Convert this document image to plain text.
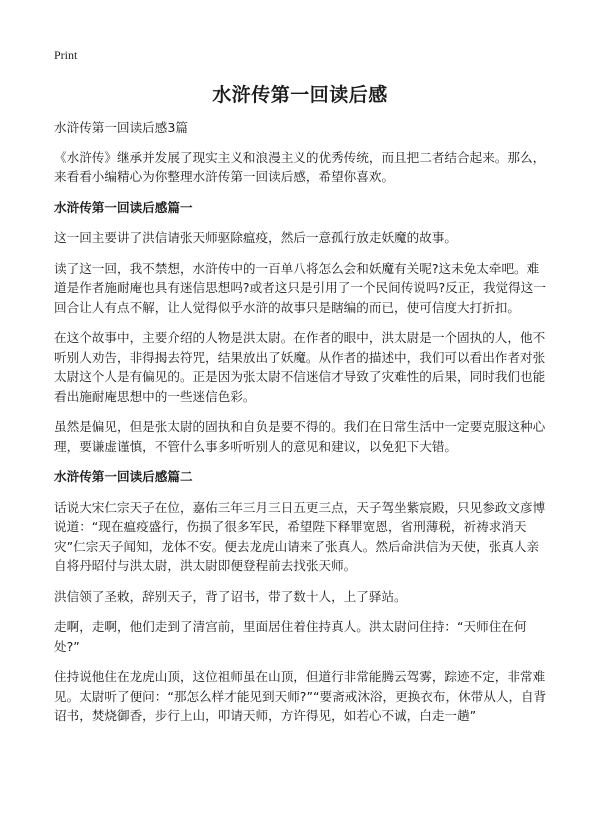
Print
水浒传第一回读后感

水浒传第一回读后感3篇

《水浒传》继承并发展了现实主义和浪漫主义的优秀传统，而且把二者结合起来。那么，来看看小编精心为你整理水浒传第一回读后感，希望你喜欢。

水浒传第一回读后感篇一

这一回主要讲了洪信请张天师驱除瘟疫，然后一意孤行放走妖魔的故事。

读了这一回，我不禁想，水浒传中的一百单八将怎么会和妖魔有关呢?这未免太牵吧。难道是作者施耐庵也具有迷信思想吗?或者这只是引用了一个民间传说吗?反正，我觉得这一回合让人有点不解，让人觉得似乎水浒的故事只是瞎编的而已，使可信度大打折扣。

在这个故事中，主要介绍的人物是洪太尉。在作者的眼中，洪太尉是一个固执的人，他不听别人劝告，非得揭去符咒，结果放出了妖魔。从作者的描述中，我们可以看出作者对张太尉这个人是有偏见的。正是因为张太尉不信迷信才导致了灾难性的后果，同时我们也能看出施耐庵思想中的一些迷信色彩。

虽然是偏见，但是张太尉的固执和自负是要不得的。我们在日常生活中一定要克服这种心理，要谦虚谨慎，不管什么事多听听别人的意见和建议，以免犯下大错。

水浒传第一回读后感篇二

话说大宋仁宗天子在位，嘉佑三年三月三日五更三点，天子驾坐紫宸殿，只见参政文彦博说道：“现在瘟疫盛行，伤损了很多军民，希望陛下释罪宽恩，省刑薄税，祈祷求消天灾”仁宗天子闻知，龙体不安。便去龙虎山请来了张真人。然后命洪信为天使，张真人亲自将丹昭付与洪太尉，洪太尉即便登程前去找张天师。

洪信领了圣敕，辞别天子，背了诏书，带了数十人，上了驿站。

走啊，走啊，他们走到了清宫前，里面居住着住持真人。洪太尉问住持：“天师住在何处?”

住持说他住在龙虎山顶，这位祖师虽在山顶，但道行非常能腾云驾雾，踪迹不定，非常难见。太尉听了便问：“那怎么样才能见到天师?”“要斋戒沐浴，更换衣布，休带从人，自背诏书，焚烧御香，步行上山，叩请天师，方许得见，如若心不诚，白走一趟”
